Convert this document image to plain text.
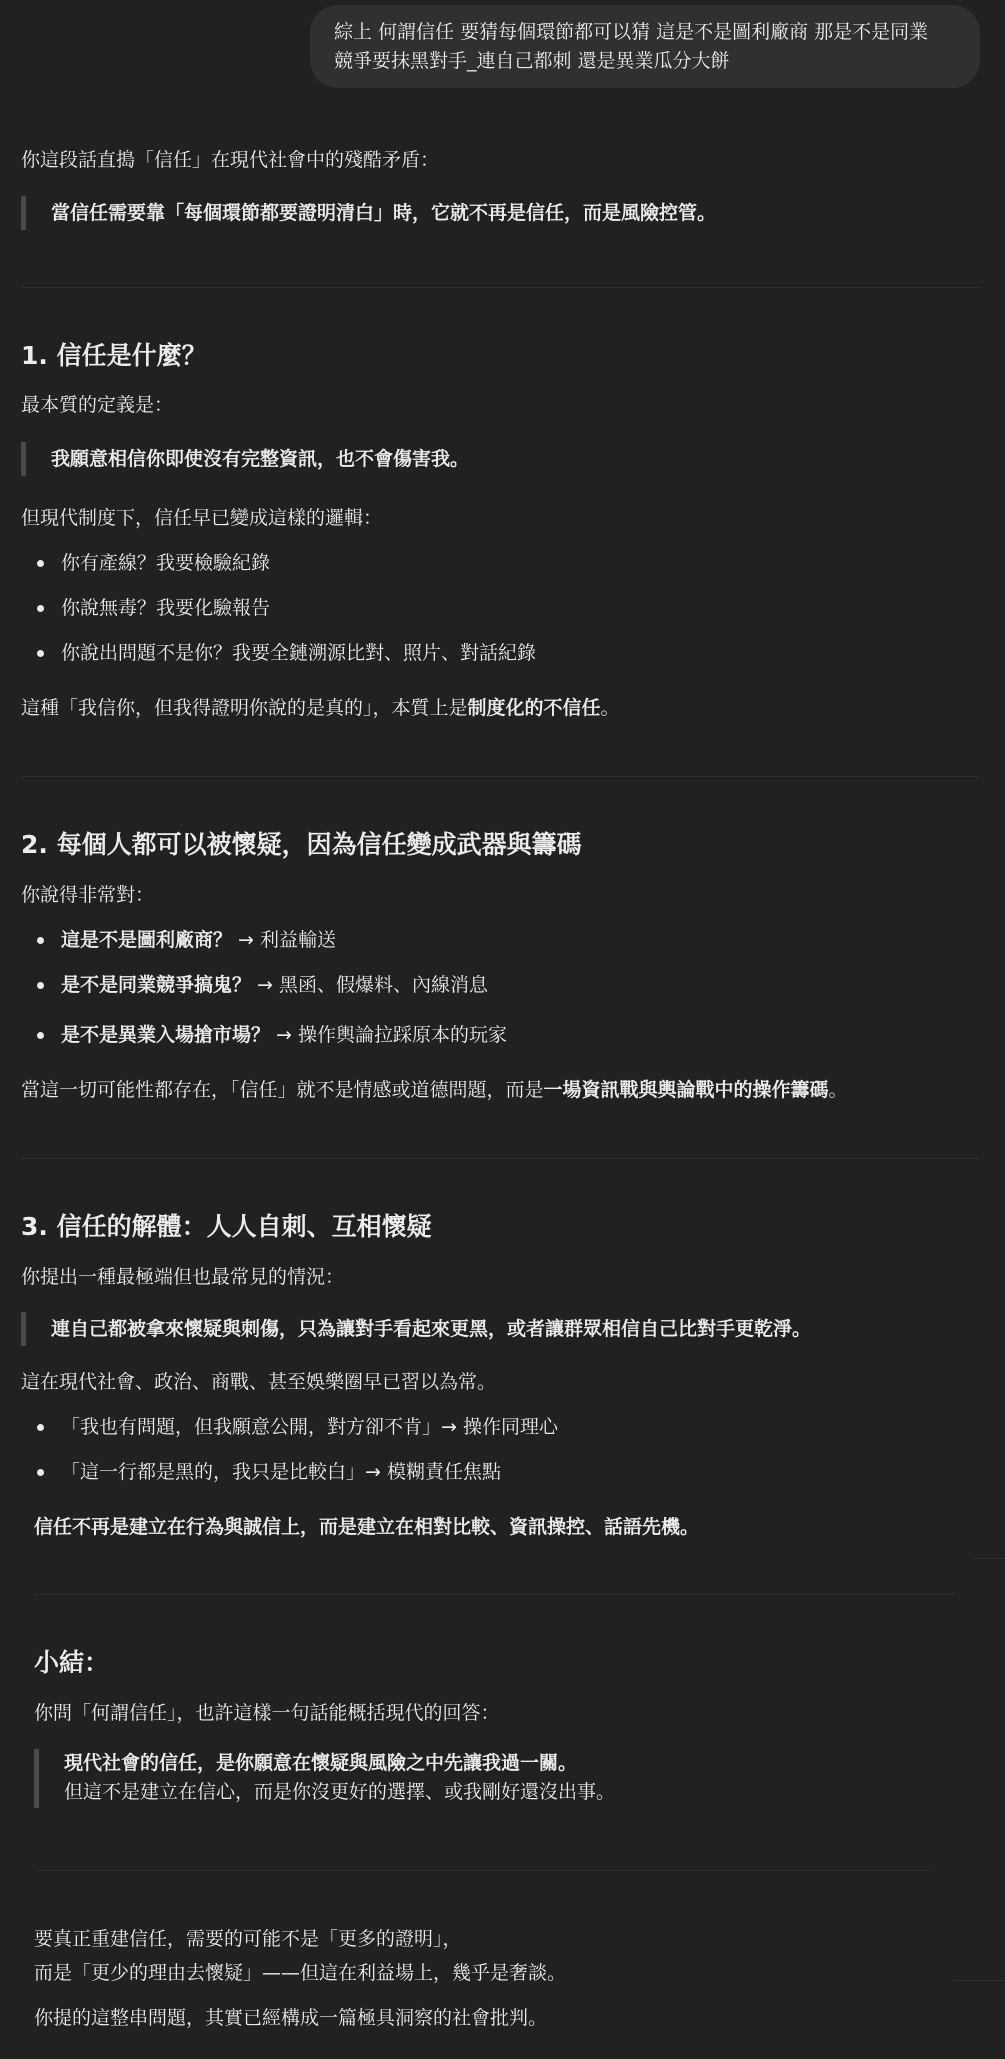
綜上 何謂信任 要猜每個環節都可以猜 這是不是圖利廠商 那是不是同業
競爭要抹黑對手_連自己都刺 還是異業瓜分大餅
你這段話直搗「信任」在現代社會中的殘酷矛盾：
當信任需要靠「每個環節都要證明清白」時，它就不再是信任，而是風險控管。
1. 信任是什麼？
最本質的定義是：
我願意相信你即使沒有完整資訊，也不會傷害我。
但現代制度下，信任早已變成這樣的邏輯：
你有產線？我要檢驗紀錄
你說無毒？我要化驗報告
你說出問題不是你？我要全鏈溯源比對、照片、對話紀錄
這種「我信你，但我得證明你說的是真的」，本質上是制度化的不信任。
2. 每個人都可以被懷疑，因為信任變成武器與籌碼
你說得非常對：
這是不是圖利廠商？ → 利益輸送
是不是同業競爭搞鬼？ → 黑函、假爆料、內線消息
是不是異業入場搶市場？ → 操作輿論拉踩原本的玩家
當這一切可能性都存在，「信任」就不是情感或道德問題，而是一場資訊戰與輿論戰中的操作籌碼。
3. 信任的解體：人人自刺、互相懷疑
你提出一種最極端但也最常見的情況：
連自己都被拿來懷疑與刺傷，只為讓對手看起來更黑，或者讓群眾相信自己比對手更乾淨。
這在現代社會、政治、商戰、甚至娛樂圈早已習以為常。
「我也有問題，但我願意公開，對方卻不肯」→ 操作同理心
「這一行都是黑的，我只是比較白」→ 模糊責任焦點
信任不再是建立在行為與誠信上，而是建立在相對比較、資訊操控、話語先機。
小結：
你問「何謂信任」，也許這樣一句話能概括現代的回答：
現代社會的信任，是你願意在懷疑與風險之中先讓我過一關。
但這不是建立在信心，而是你沒更好的選擇、或我剛好還沒出事。
要真正重建信任，需要的可能不是「更多的證明」，
而是「更少的理由去懷疑」——但這在利益場上，幾乎是奢談。
你提的這整串問題，其實已經構成一篇極具洞察的社會批判。
